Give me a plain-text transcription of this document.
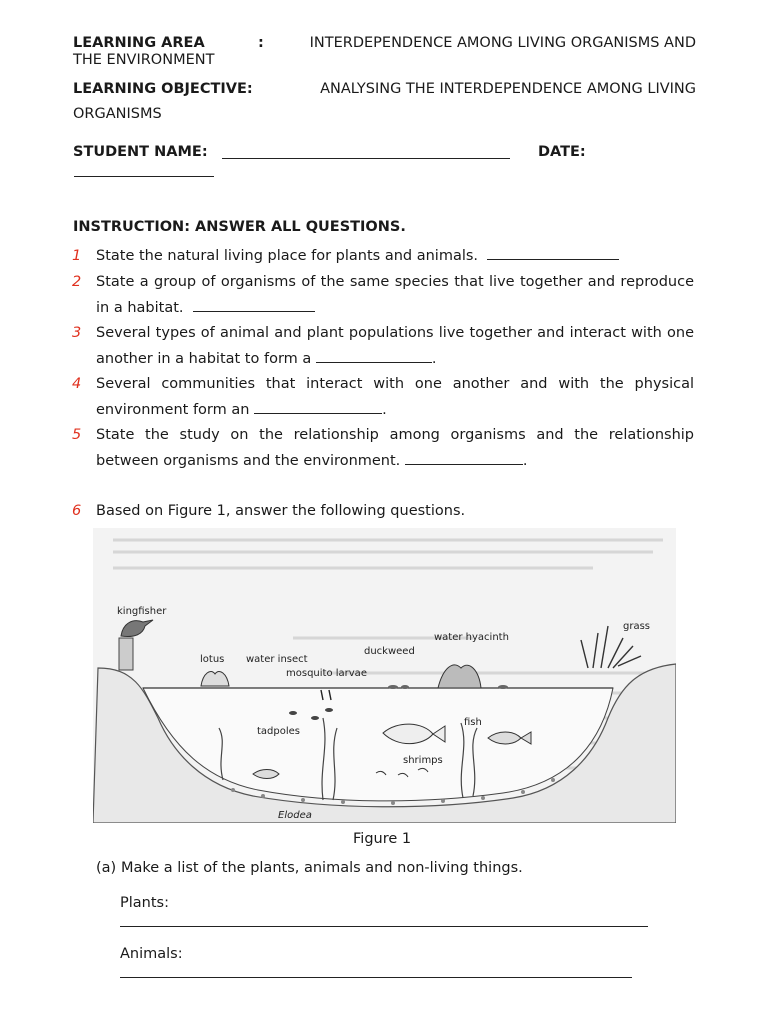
LEARNING AREA	:	INTERDEPENDENCE AMONG LIVING ORGANISMS AND
THE ENVIRONMENT
LEARNING OBJECTIVE:	ANALYSING THE INTERDEPENDENCE AMONG LIVING
ORGANISMS
STUDENT NAME:	DATE:
INSTRUCTION: ANSWER ALL QUESTIONS.
1	State the natural living place for plants and animals.
2	State a group of organisms of the same species that live together and reproduce in a habitat.
3	Several types of animal and plant populations live together and interact with one another in a habitat to form a	.
4	Several communities that interact with one another and with the physical environment form an	.
5	State the study on the relationship among organisms and the relationship between organisms and the environment.	.
6	Based on Figure 1, answer the following questions.
kingfisher
grass
water hyacinth
lotus water insect
duckweed
mosquito larvae
tadpoles
fish
shrimps
Elodea
Figure 1
(a) Make a list of the plants, animals and non-living things.
Plants:
Animals:
